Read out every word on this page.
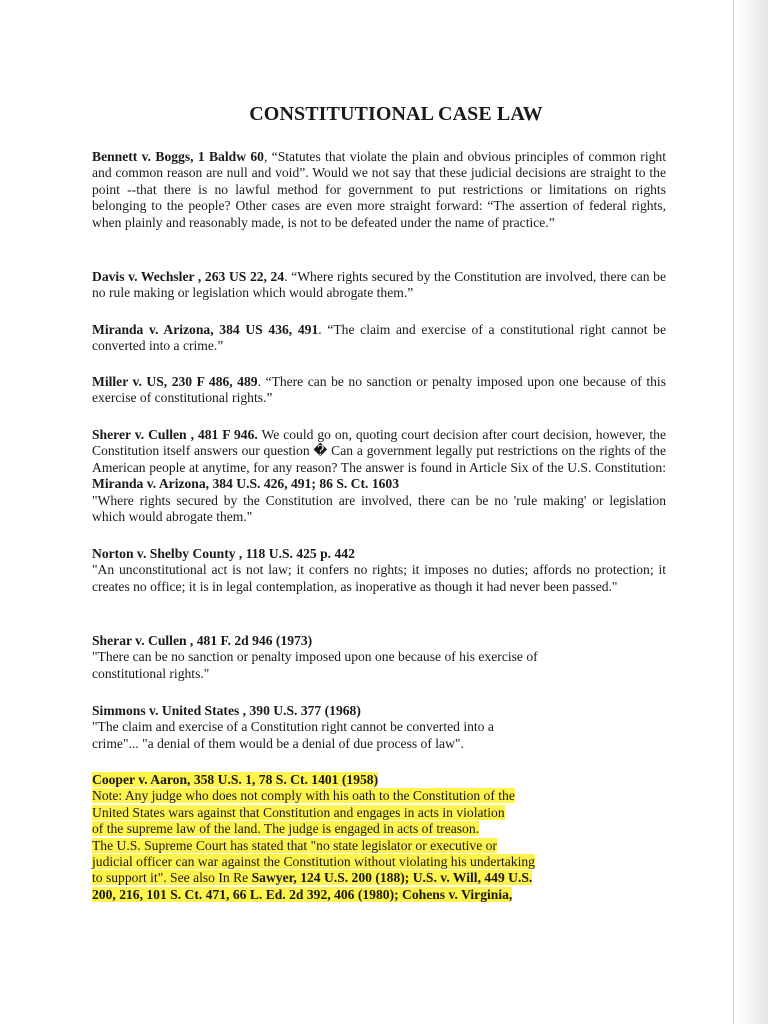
CONSTITUTIONAL CASE LAW

Bennett v. Boggs, 1 Baldw 60, “Statutes that violate the plain and obvious principles of common right and common reason are null and void”. Would we not say that these judicial decisions are straight to the point --that there is no lawful method for government to put restrictions or limitations on rights belonging to the people? Other cases are even more straight forward: “The assertion of federal rights, when plainly and reasonably made, is not to be defeated under the name of practice.”

Davis v. Wechsler , 263 US 22, 24. “Where rights secured by the Constitution are involved, there can be no rule making or legislation which would abrogate them.”

Miranda v. Arizona, 384 US 436, 491. “The claim and exercise of a constitutional right cannot be converted into a crime.”

Miller v. US, 230 F 486, 489. “There can be no sanction or penalty imposed upon one because of this exercise of constitutional rights.”

Sherer v. Cullen , 481 F 946. We could go on, quoting court decision after court decision, however, the Constitution itself answers our question � Can a government legally put restrictions on the rights of the American people at anytime, for any reason? The answer is found in Article Six of the U.S. Constitution: Miranda v. Arizona, 384 U.S. 426, 491; 86 S. Ct. 1603
"Where rights secured by the Constitution are involved, there can be no 'rule making' or legislation which would abrogate them."

Norton v. Shelby County , 118 U.S. 425 p. 442

"An unconstitutional act is not law; it confers no rights; it imposes no duties; affords no protection; it creates no office; it is in legal contemplation, as inoperative as though it had never been passed."

Sherar v. Cullen , 481 F. 2d 946 (1973)

"There can be no sanction or penalty imposed upon one because of his exercise of constitutional rights."

Simmons v. United States , 390 U.S. 377 (1968)

"The claim and exercise of a Constitution right cannot be converted into a

crime"... "a denial of them would be a denial of due process of law".

Cooper v. Aaron, 358 U.S. 1, 78 S. Ct. 1401 (1958)

Note: Any judge who does not comply with his oath to the Constitution of the

United States wars against that Constitution and engages in acts in violation

of the supreme law of the land. The judge is engaged in acts of treason.

The U.S. Supreme Court has stated that "no state legislator or executive or

judicial officer can war against the Constitution without violating his undertaking

to support it". See also In Re Sawyer, 124 U.S. 200 (188); U.S. v. Will, 449 U.S.

200, 216, 101 S. Ct. 471, 66 L. Ed. 2d 392, 406 (1980); Cohens v. Virginia,
